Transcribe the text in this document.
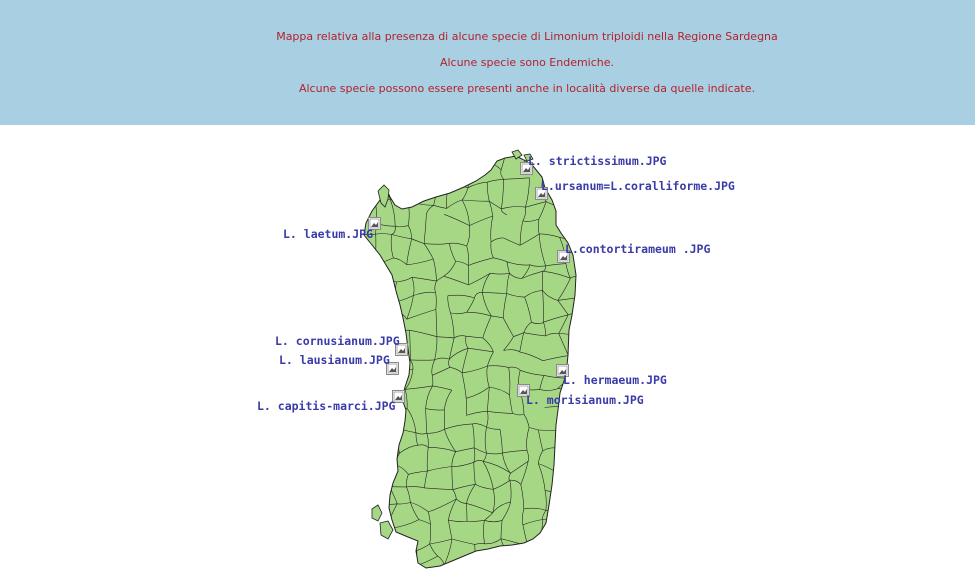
Mappa relativa alla presenza di alcune specie di Limonium triploidi nella Regione Sardegna
Alcune specie sono Endemiche.
Alcune specie possono essere presenti anche in località diverse da quelle indicate.
L. strictissimum.JPG
L.ursanum=L.coralliforme.JPG
L. laetum.JPG
L.contortirameum .JPG
L. cornusianum.JPG
L. lausianum.JPG
L. hermaeum.JPG
L. capitis-marci.JPG	L. morisianum.JPG
